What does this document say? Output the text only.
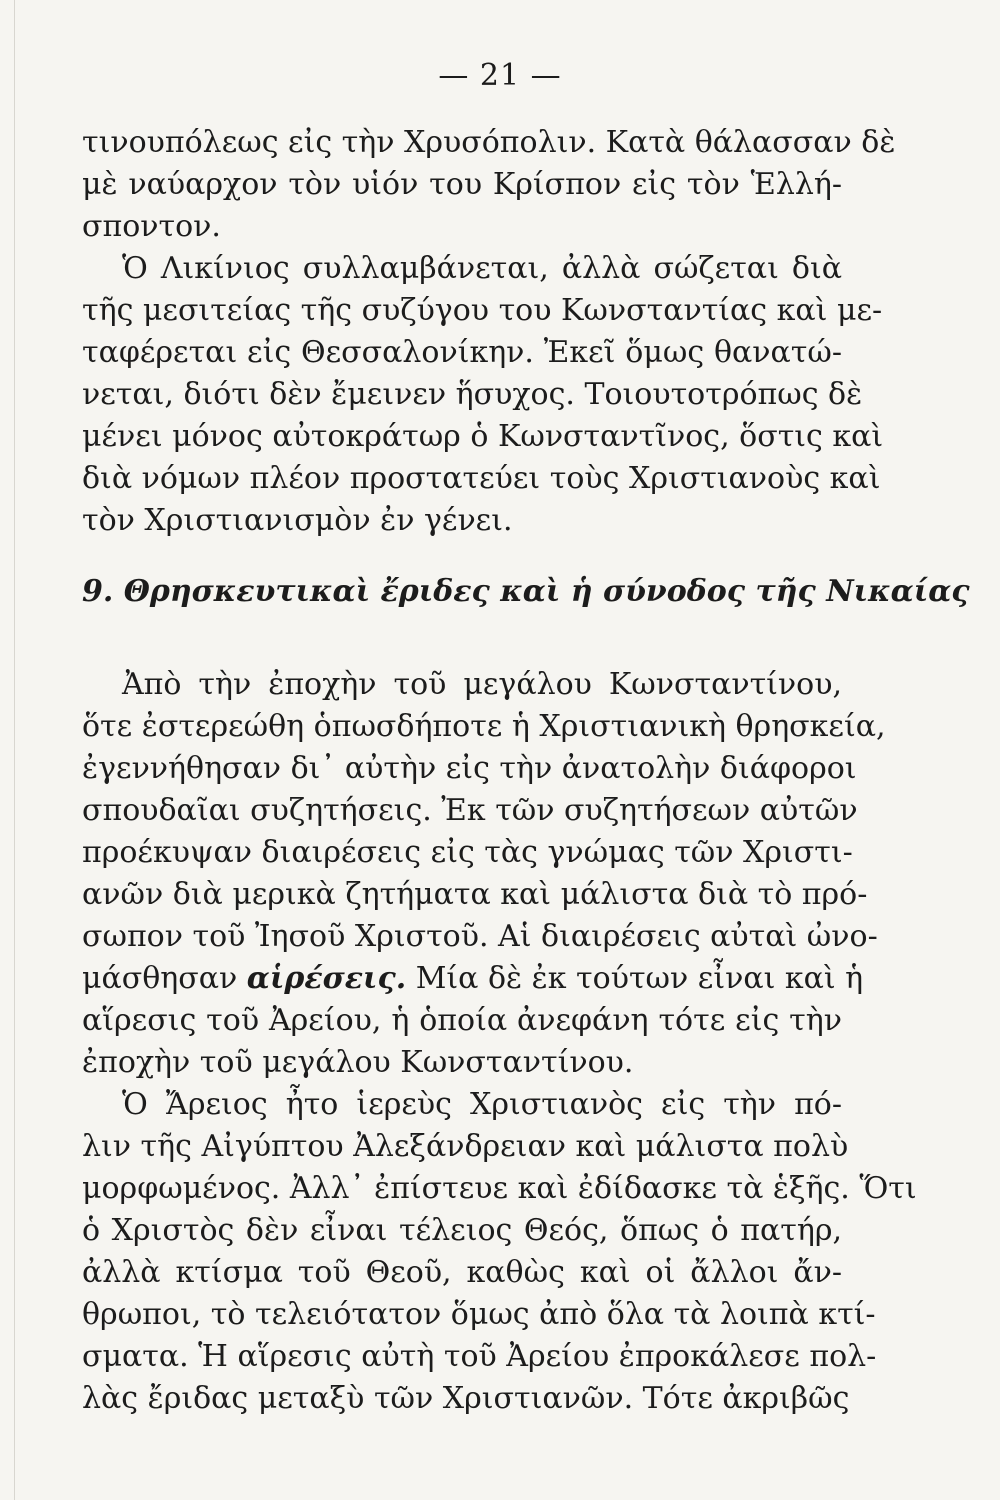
— 21 —
τινουπόλεως εἰς τὴν Χρυσόπολιν. Κατὰ θάλασσαν δὲ
μὲ ναύαρχον τὸν υἱόν του Κρίσπον εἰς τὸν Ἑλλή-
σποντον.
Ὁ Λικίνιος συλλαμβάνεται, ἀλλὰ σώζεται διὰ
τῆς μεσιτείας τῆς συζύγου του Κωνσταντίας καὶ με-
ταφέρεται εἰς Θεσσαλονίκην. Ἐκεῖ ὅμως θανατώ-
νεται, διότι δὲν ἔμεινεν ἥσυχος. Τοιουτοτρόπως δὲ
μένει μόνος αὐτοκράτωρ ὁ Κωνσταντῖνος, ὅστις καὶ
διὰ νόμων πλέον προστατεύει τοὺς Χριστιανοὺς καὶ
τὸν Χριστιανισμὸν ἐν γένει.
9. Θρησκευτικαὶ ἔριδες καὶ ἡ σύνοδος τῆς Νικαίας
Ἀπὸ τὴν ἐποχὴν τοῦ μεγάλου Κωνσταντίνου,
ὅτε ἐστερεώθη ὁπωσδήποτε ἡ Χριστιανικὴ θρησκεία,
ἐγεννήθησαν δι᾽ αὐτὴν εἰς τὴν ἀνατολὴν διάφοροι
σπουδαῖαι συζητήσεις. Ἐκ τῶν συζητήσεων αὐτῶν
προέκυψαν διαιρέσεις εἰς τὰς γνώμας τῶν Χριστι-
ανῶν διὰ μερικὰ ζητήματα καὶ μάλιστα διὰ τὸ πρό-
σωπον τοῦ Ἰησοῦ Χριστοῦ. Αἱ διαιρέσεις αὐταὶ ὠνο-
μάσθησαν αἱρέσεις. Μία δὲ ἐκ τούτων εἶναι καὶ ἡ
αἵρεσις τοῦ Ἀρείου, ἡ ὁποία ἀνεφάνη τότε εἰς τὴν
ἐποχὴν τοῦ μεγάλου Κωνσταντίνου.
Ὁ Ἄρειος ἦτο ἱερεὺς Χριστιανὸς εἰς τὴν πό-
λιν τῆς Αἰγύπτου Ἀλεξάνδρειαν καὶ μάλιστα πολὺ
μορφωμένος. Ἀλλ᾽ ἐπίστευε καὶ ἐδίδασκε τὰ ἑξῆς. Ὅτι
ὁ Χριστὸς δὲν εἶναι τέλειος Θεός, ὅπως ὁ πατήρ,
ἀλλὰ κτίσμα τοῦ Θεοῦ, καθὼς καὶ οἱ ἄλλοι ἄν-
θρωποι, τὸ τελειότατον ὅμως ἀπὸ ὅλα τὰ λοιπὰ κτί-
σματα. Ἡ αἵρεσις αὐτὴ τοῦ Ἀρείου ἐπροκάλεσε πολ-
λὰς ἔριδας μεταξὺ τῶν Χριστιανῶν. Τότε ἀκριβῶς
